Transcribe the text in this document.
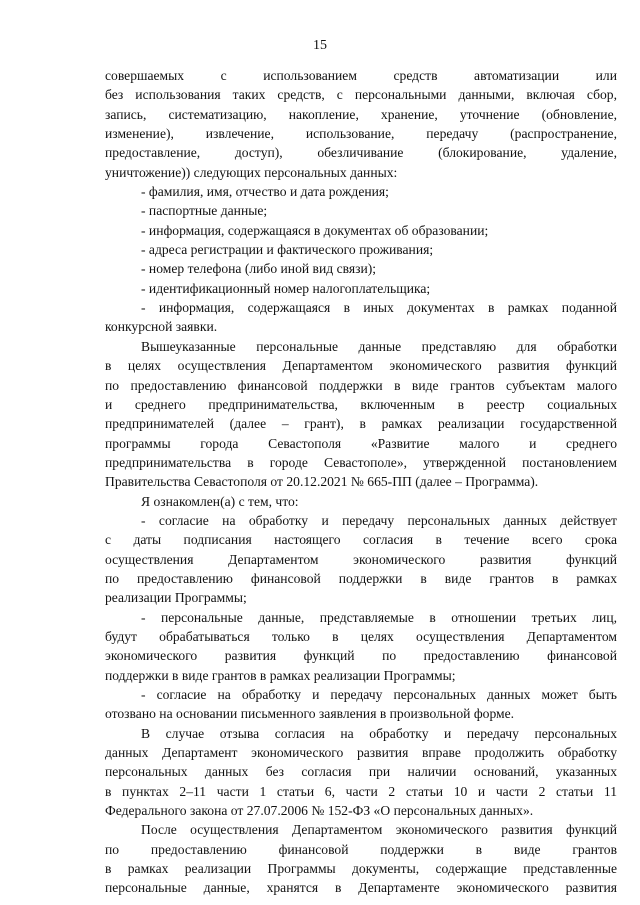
15
совершаемых с использованием средств автоматизации или
без использования таких средств, с персональными данными, включая сбор,
запись, систематизацию, накопление, хранение, уточнение (обновление,
изменение), извлечение, использование, передачу (распространение,
предоставление, доступ), обезличивание (блокирование, удаление,
уничтожение)) следующих персональных данных:
- фамилия, имя, отчество и дата рождения;
- паспортные данные;
- информация, содержащаяся в документах об образовании;
- адреса регистрации и фактического проживания;
- номер телефона (либо иной вид связи);
- идентификационный номер налогоплательщика;
- информация, содержащаяся в иных документах в рамках поданной
конкурсной заявки.
Вышеуказанные персональные данные представляю для обработки
в целях осуществления Департаментом экономического развития функций
по предоставлению финансовой поддержки в виде грантов субъектам малого
и среднего предпринимательства, включенным в реестр социальных
предпринимателей (далее – грант), в рамках реализации государственной
программы города Севастополя «Развитие малого и среднего
предпринимательства в городе Севастополе», утвержденной постановлением
Правительства Севастополя от 20.12.2021 № 665-ПП (далее – Программа).
Я ознакомлен(а) с тем, что:
- согласие на обработку и передачу персональных данных действует
с даты подписания настоящего согласия в течение всего срока
осуществления Департаментом экономического развития функций
по предоставлению финансовой поддержки в виде грантов в рамках
реализации Программы;
- персональные данные, представляемые в отношении третьих лиц,
будут обрабатываться только в целях осуществления Департаментом
экономического развития функций по предоставлению финансовой
поддержки в виде грантов в рамках реализации Программы;
- согласие на обработку и передачу персональных данных может быть
отозвано на основании письменного заявления в произвольной форме.
В случае отзыва согласия на обработку и передачу персональных
данных Департамент экономического развития вправе продолжить обработку
персональных данных без согласия при наличии оснований, указанных
в пунктах 2–11 части 1 статьи 6, части 2 статьи 10 и части 2 статьи 11
Федерального закона от 27.07.2006 № 152-ФЗ «О персональных данных».
После осуществления Департаментом экономического развития функций
по предоставлению финансовой поддержки в виде грантов
в рамках реализации Программы документы, содержащие представленные
персональные данные, хранятся в Департаменте экономического развития
